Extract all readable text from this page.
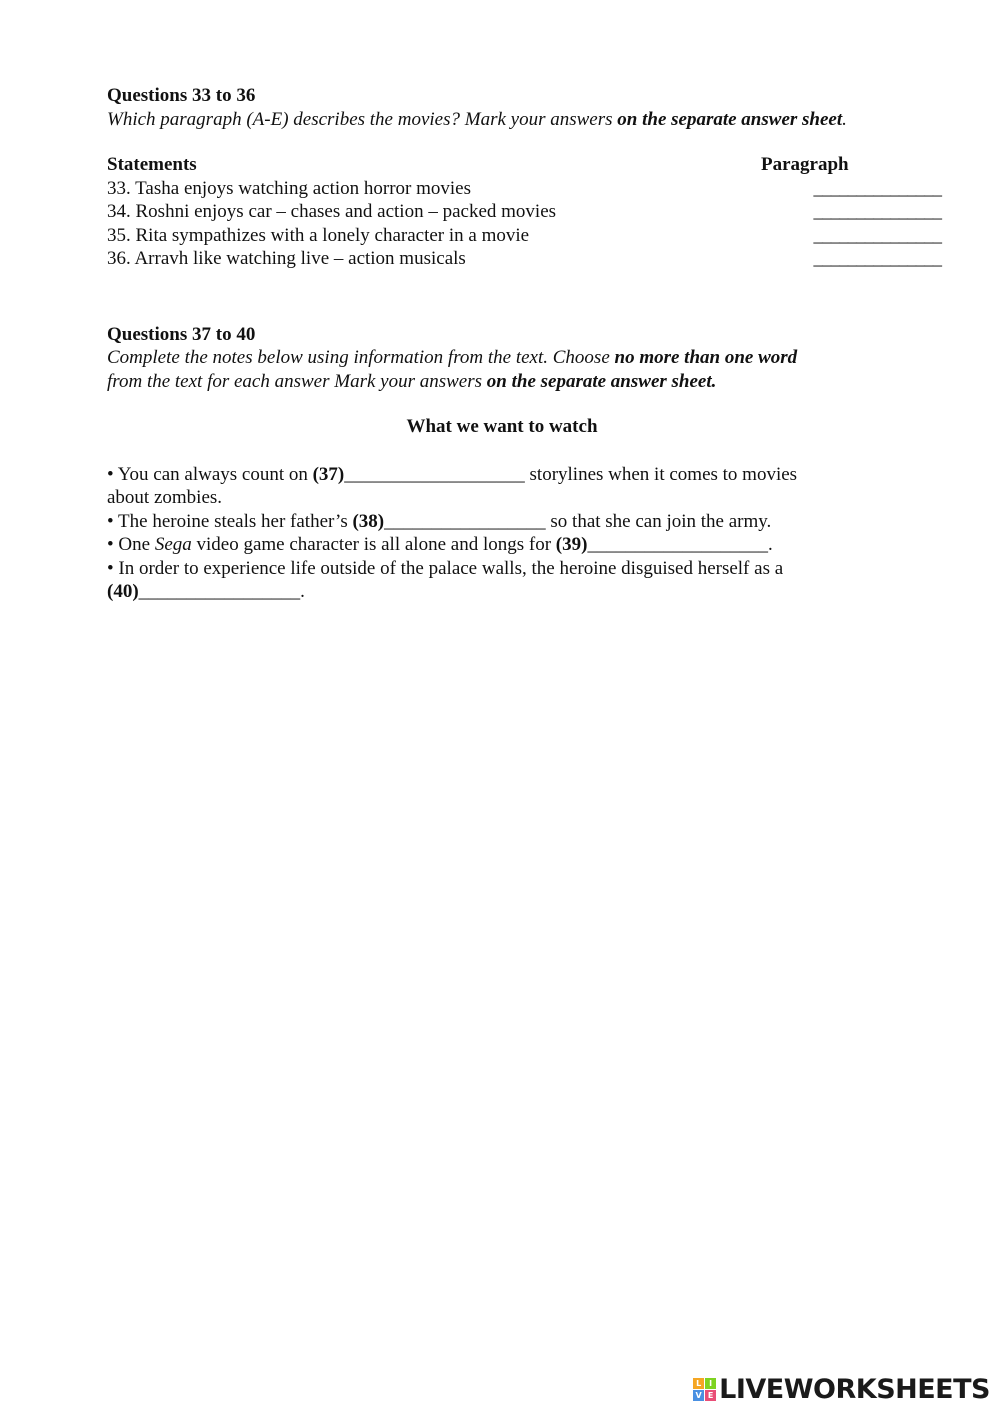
Questions 33 to 36
Which paragraph (A-E) describes the movies? Mark your answers on the separate answer sheet.
Statements	Paragraph
33. Tasha enjoys watching action horror movies	_______________
34. Roshni enjoys car – chases and action – packed movies	_______________
35. Rita sympathizes with a lonely character in a movie	_______________
36. Arravh like watching live – action musicals	_______________
Questions 37 to 40
Complete the notes below using information from the text. Choose no more than one word
from the text for each answer Mark your answers on the separate answer sheet.
What we want to watch

• You can always count on (37)___________________ storylines when it comes to movies
about zombies.

• The heroine steals her father’s (38)_________________ so that she can join the army.

• One Sega video game character is all alone and longs for (39)___________________.

• In order to experience life outside of the palace walls, the heroine disguised herself as a
(40)_________________.

L I
V E LIVEWORKSHEETS
